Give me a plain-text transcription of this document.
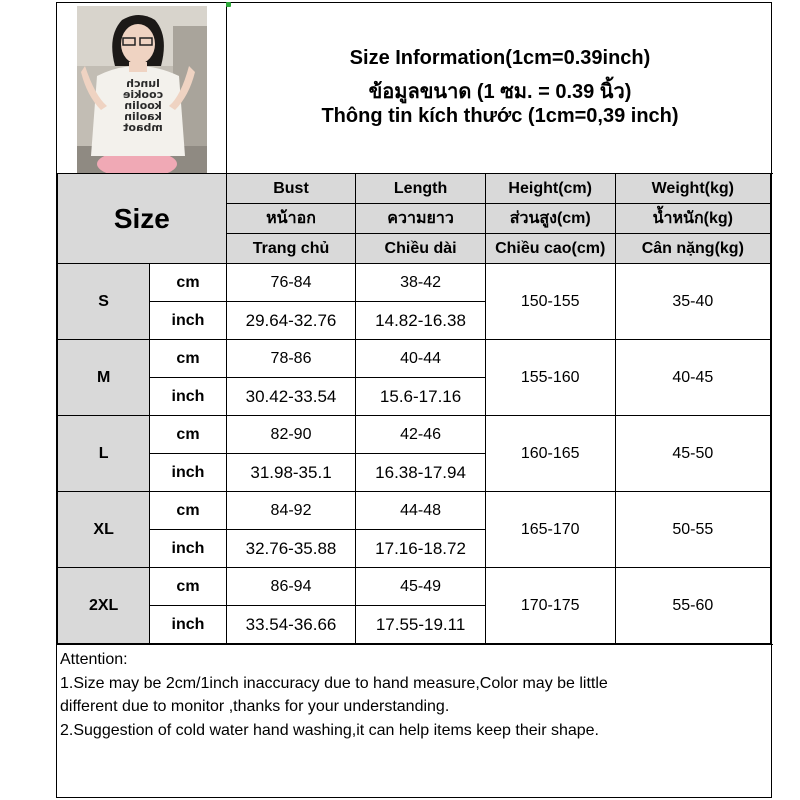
lunch
cookie
koolin
kaolin
mbaot
Size Information(1cm=0.39inch)
ข้อมูลขนาด (1 ซม. = 0.39 นิ้ว)
Thông tin kích thước (1cm=0,39 inch)
Size		Bust	Length	Height(cm)	Weight(kg)
		หน้าอก	ความยาว	ส่วนสูง(cm)	น้ำหนัก(kg)
		Trang chủ	Chiều dài	Chiều cao(cm)	Cân nặng(kg)
S	cm	76-84	38-42	150-155	35-40
	inch	29.64-32.76	14.82-16.38		
M	cm	78-86	40-44	155-160	40-45
	inch	30.42-33.54	15.6-17.16		
L	cm	82-90	42-46	160-165	45-50
	inch	31.98-35.1	16.38-17.94		
XL	cm	84-92	44-48	165-170	50-55
	inch	32.76-35.88	17.16-18.72		
2XL	cm	86-94	45-49	170-175	55-60
	inch	33.54-36.66	17.55-19.11		

Attention:

1.Size may be 2cm/1inch inaccuracy due to hand measure,Color may be little

different due to monitor ,thanks for your understanding.

2.Suggestion of cold water hand washing,it can help items keep their shape.
